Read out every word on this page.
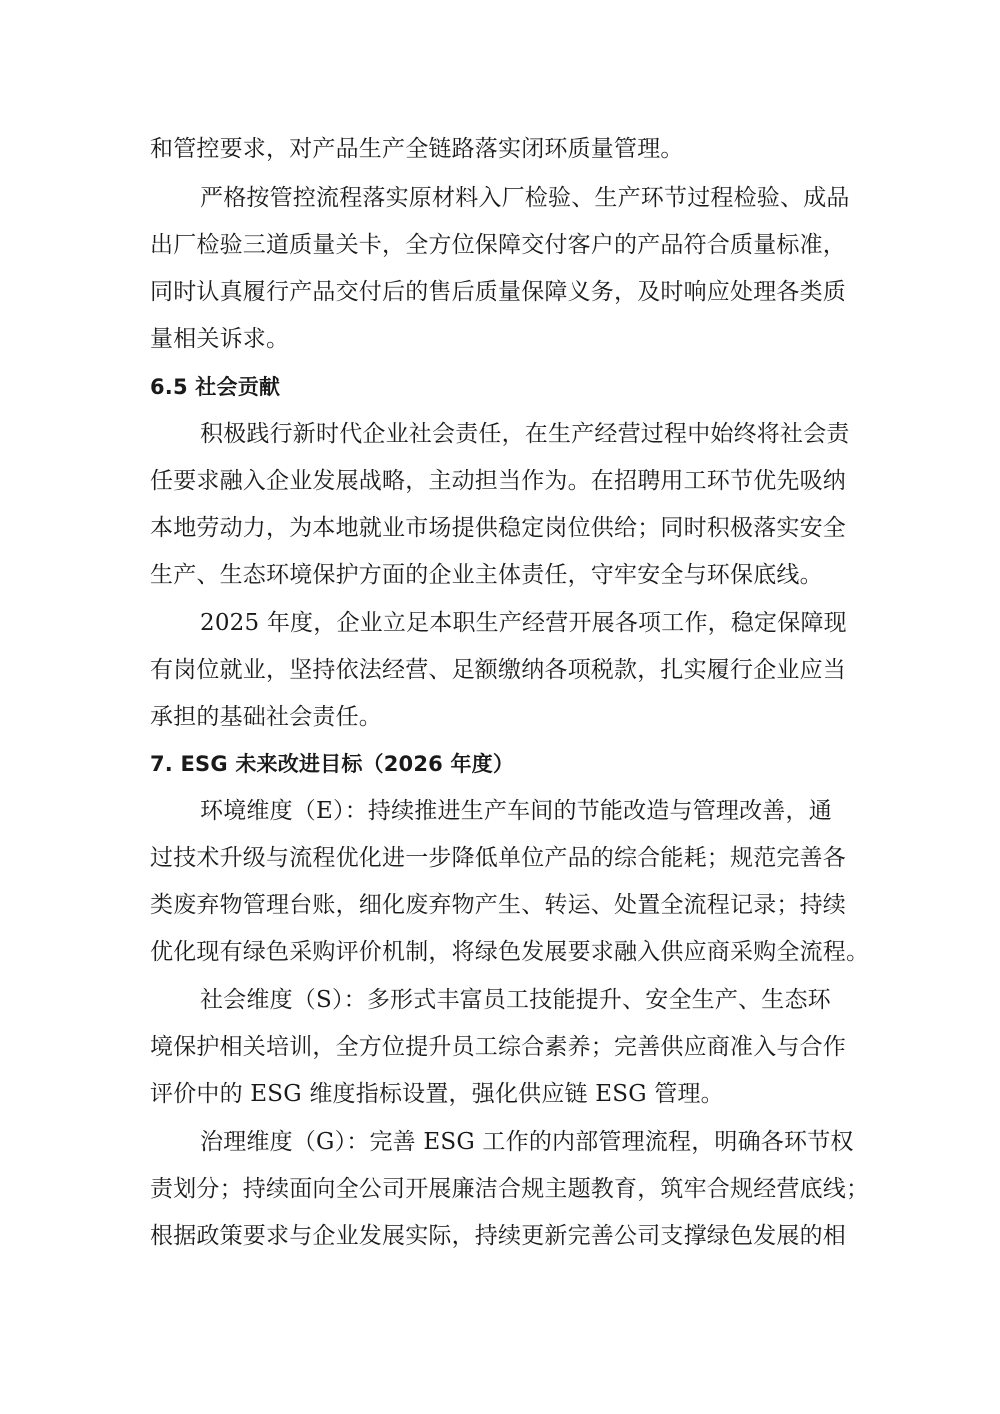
和管控要求，对产品生产全链路落实闭环质量管理。
严格按管控流程落实原材料入厂检验、生产环节过程检验、成品
出厂检验三道质量关卡，全方位保障交付客户的产品符合质量标准，
同时认真履行产品交付后的售后质量保障义务，及时响应处理各类质
量相关诉求。
6.5 社会贡献
积极践行新时代企业社会责任，在生产经营过程中始终将社会责
任要求融入企业发展战略，主动担当作为。在招聘用工环节优先吸纳
本地劳动力，为本地就业市场提供稳定岗位供给；同时积极落实安全
生产、生态环境保护方面的企业主体责任，守牢安全与环保底线。
2025 年度，企业立足本职生产经营开展各项工作，稳定保障现
有岗位就业，坚持依法经营、足额缴纳各项税款，扎实履行企业应当
承担的基础社会责任。
7. ESG 未来改进目标（2026 年度）
环境维度（E）：持续推进生产车间的节能改造与管理改善，通
过技术升级与流程优化进一步降低单位产品的综合能耗；规范完善各
类废弃物管理台账，细化废弃物产生、转运、处置全流程记录；持续
优化现有绿色采购评价机制，将绿色发展要求融入供应商采购全流程。
社会维度（S）：多形式丰富员工技能提升、安全生产、生态环
境保护相关培训，全方位提升员工综合素养；完善供应商准入与合作
评价中的 ESG 维度指标设置，强化供应链 ESG 管理。
治理维度（G）：完善 ESG 工作的内部管理流程，明确各环节权
责划分；持续面向全公司开展廉洁合规主题教育，筑牢合规经营底线；
根据政策要求与企业发展实际，持续更新完善公司支撑绿色发展的相
